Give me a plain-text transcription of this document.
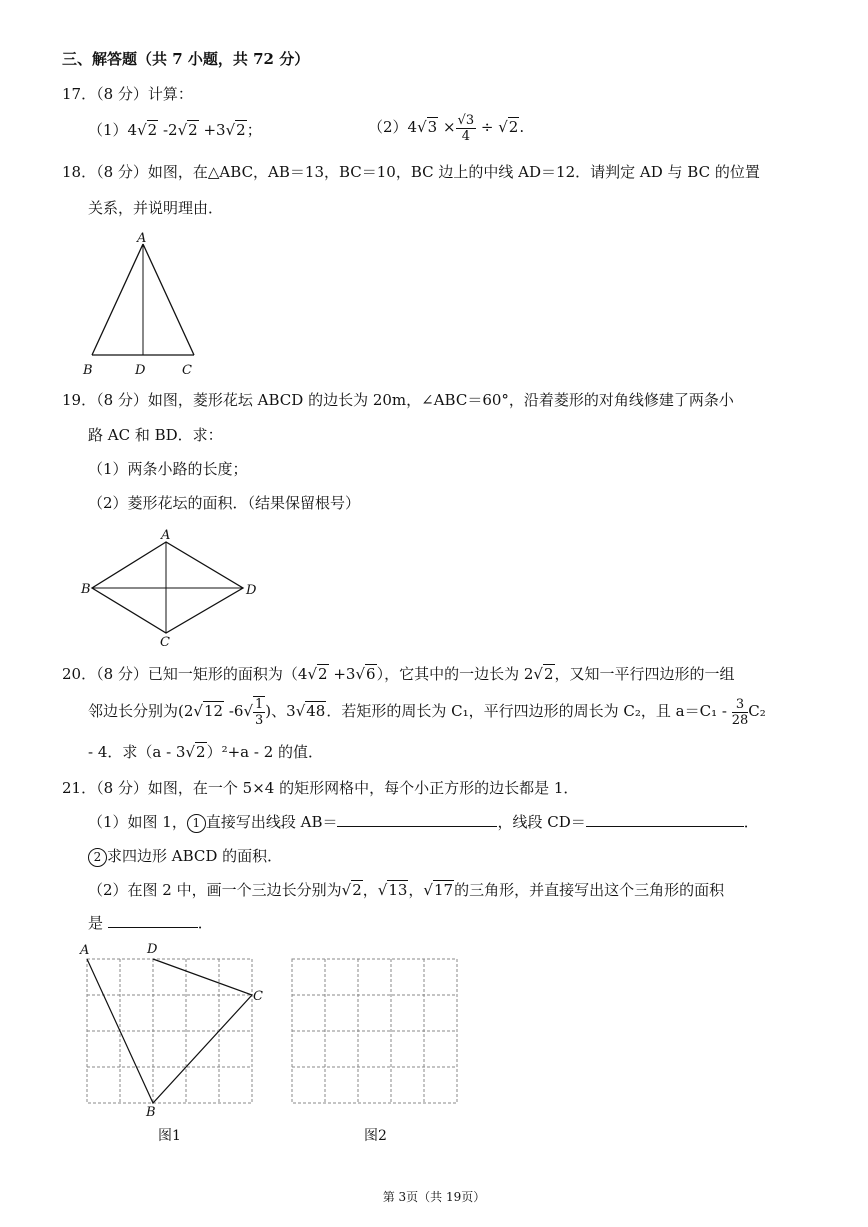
三、解答题（共 7 小题，共 72 分）
17．（8 分）计算：
（1）4√2 -2√2 +3√2；	$(2)4√3 \times \frac{√3}{4} \div √2$.
18．（8 分）如图，在△ABC，AB＝13，BC＝10，BC 边上的中线 AD＝12．请判定 AD 与 BC 的位置
关系，并说明理由．
A
B	D	C
19．（8 分）如图，菱形花坛 ABCD 的边长为 20m，∠ABC＝60°，沿着菱形的对角线修建了两条小
路 AC 和 BD．求：
（1）两条小路的长度；
（2）菱形花坛的面积．（结果保留根号）
A
B	D
C
20．（8 分）已知一矩形的面积为（4√2 +3√6），它其中的一边长为 2√2，又知一平行四边形的一组
邻边长分别为(2√12 $-6√ \frac{1}{3}$ )、3√48．若矩形的周长为 C₁，平行四边形的周长为 C₂，且 $a=C_1 - \frac{3}{28} C_2$
- 4．求（a - 3√2）²+a - 2 的值．
21．（8 分）如图，在一个 5×4 的矩形网格中，每个小正方形的边长都是 1．
（1）如图 1， 1 直接写出线段 AB＝	，线段 CD＝	．
2 求四边形 ABCD 的面积．
（2）在图 2 中，画一个三边长分别为√2，√13，√17的三角形，并直接写出这个三角形的面积
是	．
A	D
C
B
图1	图2
第 3页（共 19页）
